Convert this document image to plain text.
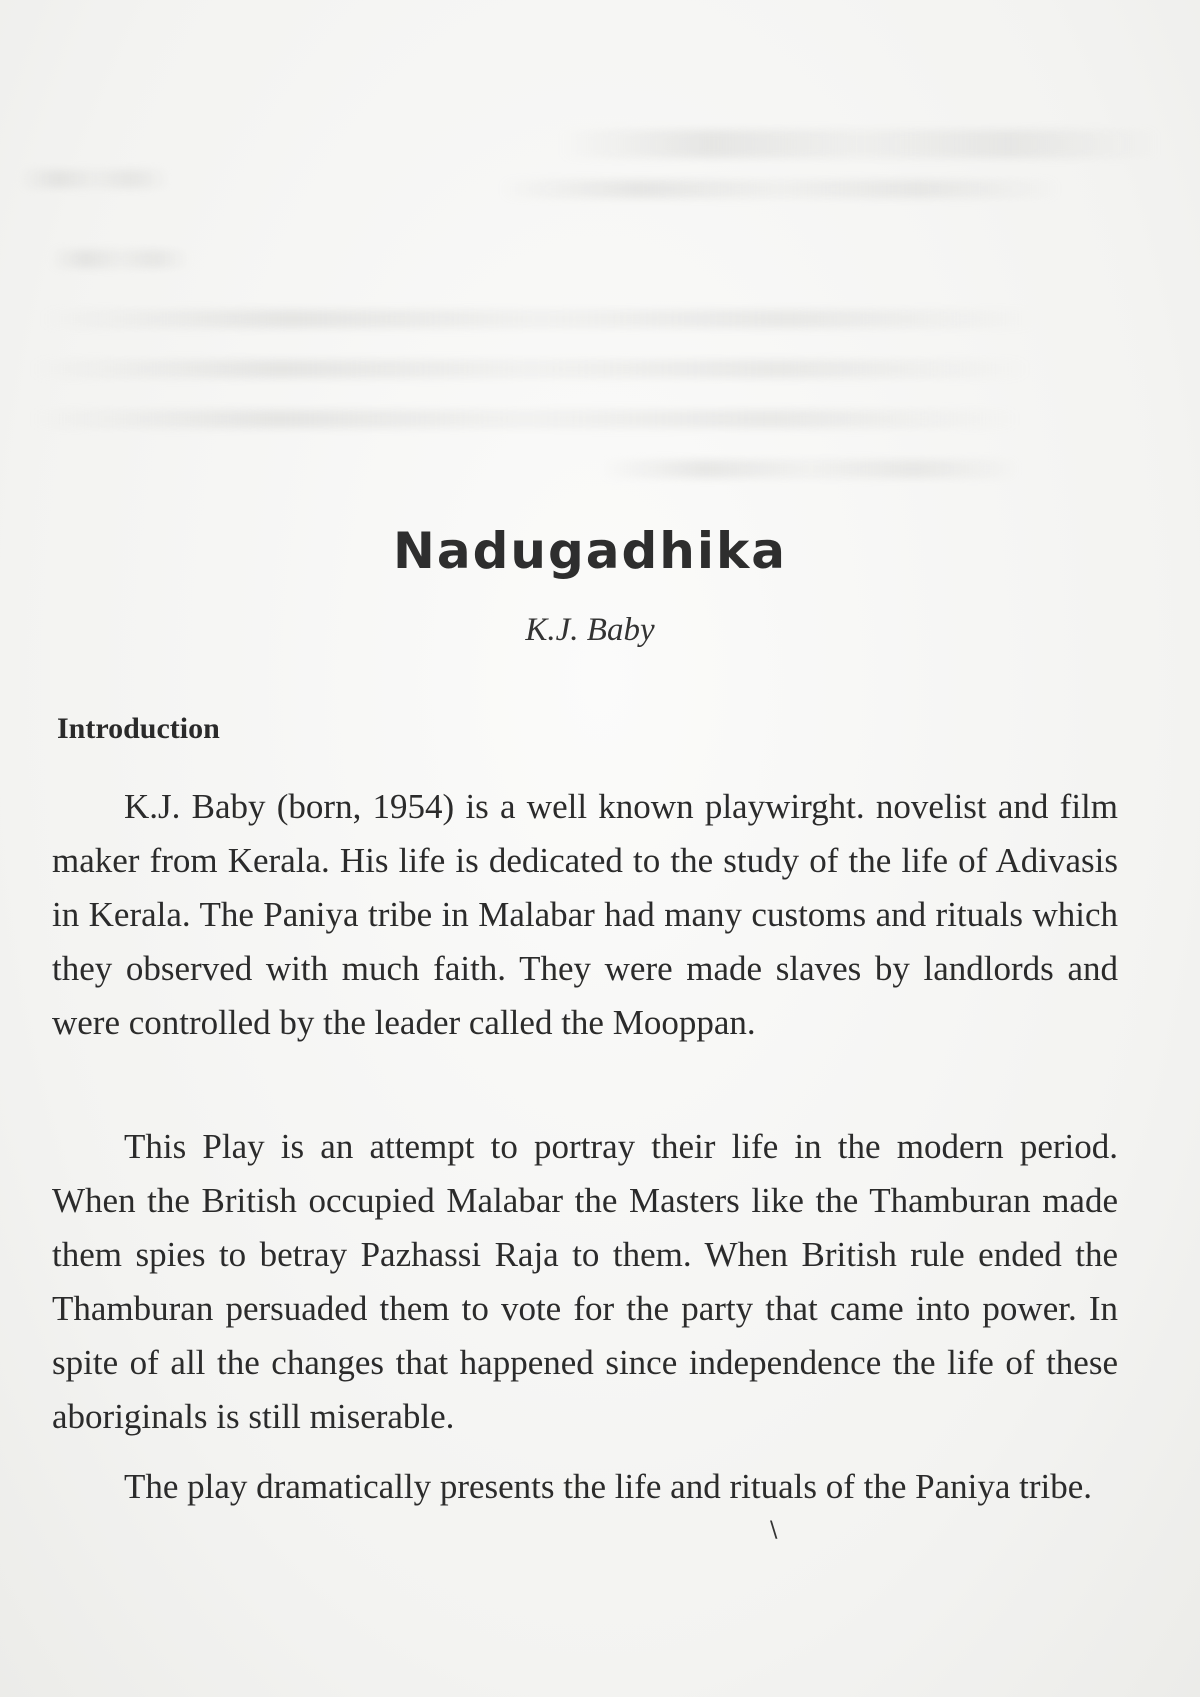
Nadugadhika

K.J. Baby

Introduction

K.J. Baby (born, 1954) is a well known playwirght. novelist and film maker from Kerala. His life is dedicated to the study of the life of Adivasis in Kerala. The Paniya tribe in Malabar had many customs and rituals which they observed with much faith. They were made slaves by landlords and were controlled by the leader called the Mooppan.

This Play is an attempt to portray their life in the modern period. When the British occupied Malabar the Masters like the Thamburan made them spies to betray Pazhassi Raja to them. When British rule ended the Thamburan persuaded them to vote for the party that came into power. In spite of all the changes that happened since independence the life of these aboriginals is still miserable.

The play dramatically presents the life and rituals of the Paniya tribe.

\
